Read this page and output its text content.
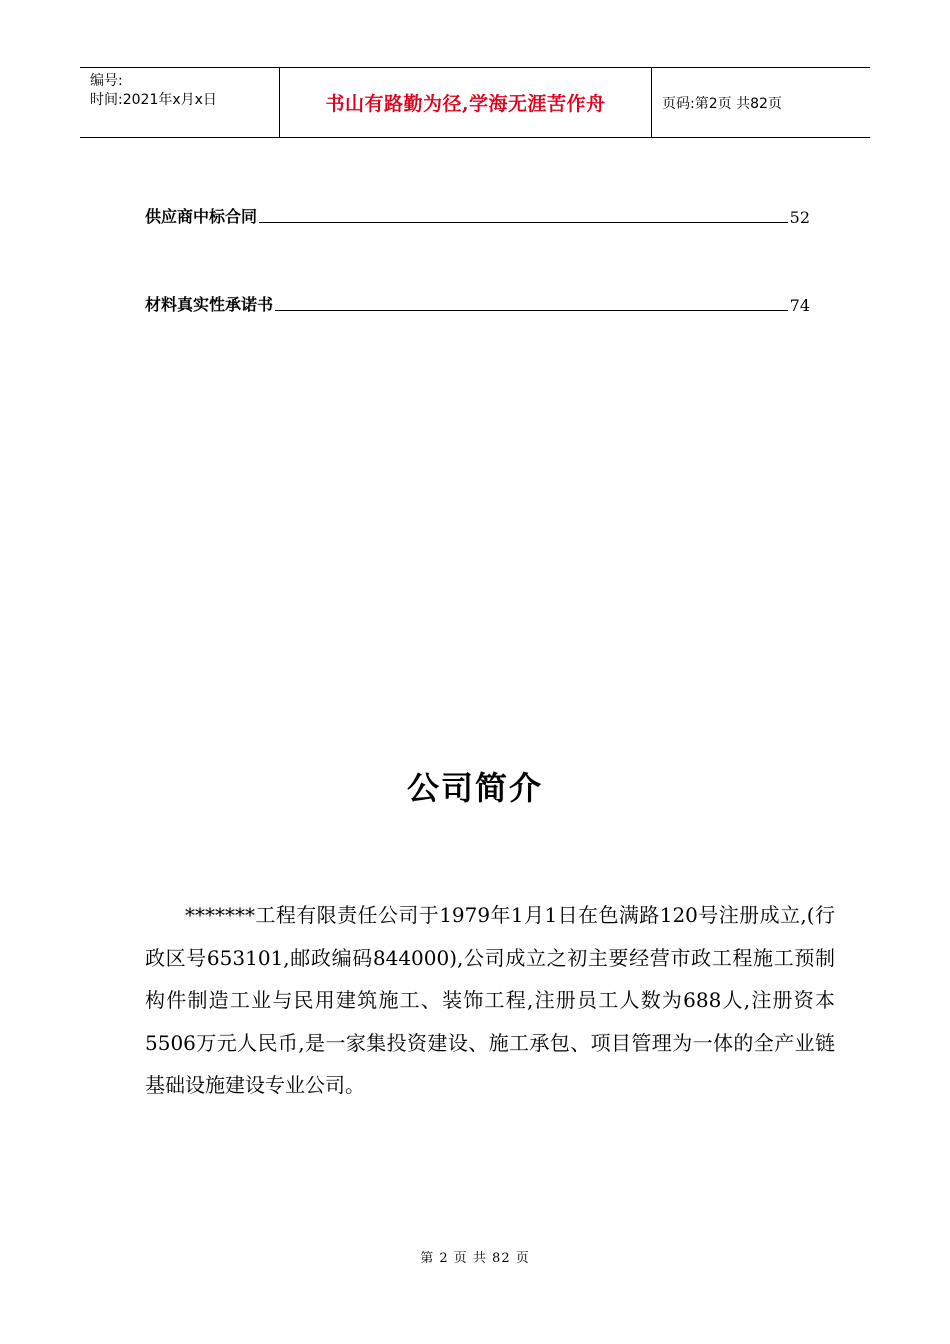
编号:
时间:2021年x月x日	书山有路勤为径,学海无涯苦作舟	页码:第2页 共82页
供应商中标合同	52
材料真实性承诺书	74
公司简介
*******工程有限责任公司于1979年1月1日在色满路120号注册成立,(行政区号653101,邮政编码844000),公司成立之初主要经营市政工程施工预制构件制造工业与民用建筑施工、装饰工程,注册员工人数为688人,注册资本5506万元人民币,是一家集投资建设、施工承包、项目管理为一体的全产业链基础设施建设专业公司。
第 2 页 共 82 页
